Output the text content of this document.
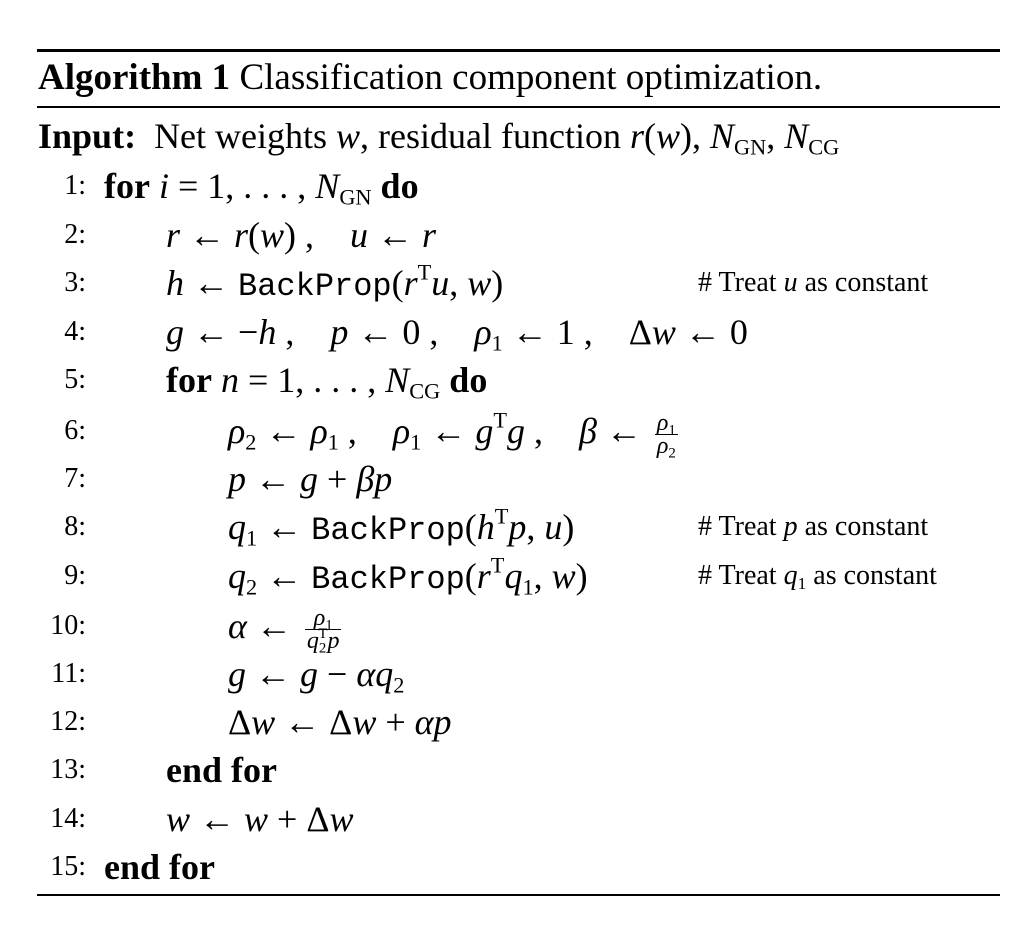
Algorithm 1 Classification component optimization.
Input:  Net weights w, residual function r(w), $N_{GN}$, $N_{CG}$
1: for i = 1, . . . , $N_{GN}$ do
2: r ← r(w) , u ← r
3: h ← $BackProp(r^Tu$, w)	# Treat u as constant
4: g ← −h , p ← 0 , $\rho_1$ ← 1 , Δw ← 0
5: for n = 1, . . . , $N_{CG}$ do
6:	$\rho_2$ ← $\rho_1$ , $\rho_1$ ← $g^Tg$ , β ← $\frac{\rho_1}{\rho_2}$
7:	p ← g + βp
8:	$q_1$ ← $BackProp(h^Tp$, u)	# Treat p as constant
9:	$q_2$ ← $BackProp(r^Tq_1$, w)	# Treat $q_1$ as constant
10:	α ← $\frac{\rho_1}{q_2^Tp}$
11:	g ← $g - \alpha q_2$
12:	Δw ← Δw + αp
13: end for
14: w ← w + Δw
15: end for
